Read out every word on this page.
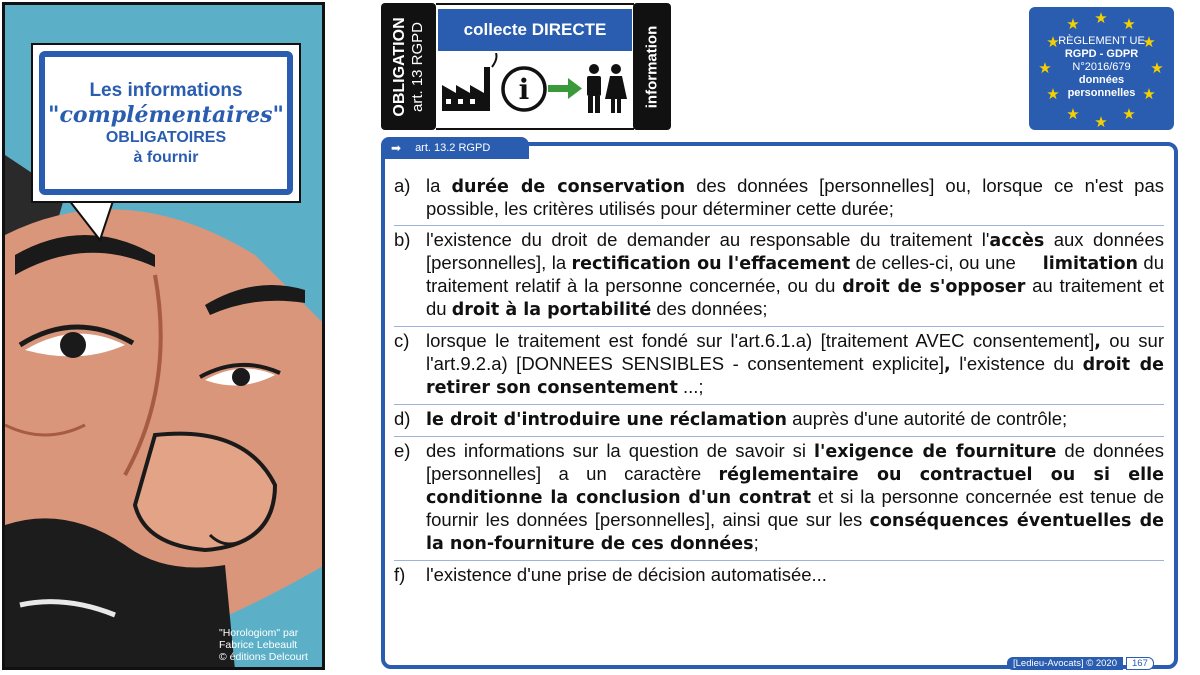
Les informations
"complémentaires"
OBLIGATOIRES
à fournir
"Horologiom" par
Fabrice Lebeault
© éditions Delcourt
OBLIGATION art. 13 RGPD	collecte DIRECTE
i	information
★ ★
★
★
★
★
★
★
★
★
★
★
RÈGLEMENT UE
RGPD - GDPR
N°2016/679
données
personnelles
➡ art. 13.2 RGPD
a) la durée de conservation des données [personnelles] ou, lorsque ce n'est pas possible, les critères utilisés pour déterminer cette durée;
b) l'existence du droit de demander au responsable du traitement l'accès aux données [personnelles], la rectification ou l'effacement de celles-ci, ou une     limitation du traitement relatif à la personne concernée, ou du droit de s'opposer au traitement et du droit à la portabilité des données;
c) lorsque le traitement est fondé sur l'art.6.1.a) [traitement AVEC consentement], ou sur l'art.9.2.a) [DONNEES SENSIBLES - consentement explicite], l'existence du droit de retirer son consentement ...;
d) le droit d'introduire une réclamation auprès d'une autorité de contrôle;
e) des informations sur la question de savoir si l'exigence de fourniture de données [personnelles] a un caractère réglementaire ou contractuel ou si elle conditionne la conclusion d'un contrat et si la personne concernée est tenue de fournir les données [personnelles], ainsi que sur les conséquences éventuelles de la non-fourniture de ces données;
f)	l'existence d'une prise de décision automatisée...
[Ledieu-Avocats] © 2020	167
